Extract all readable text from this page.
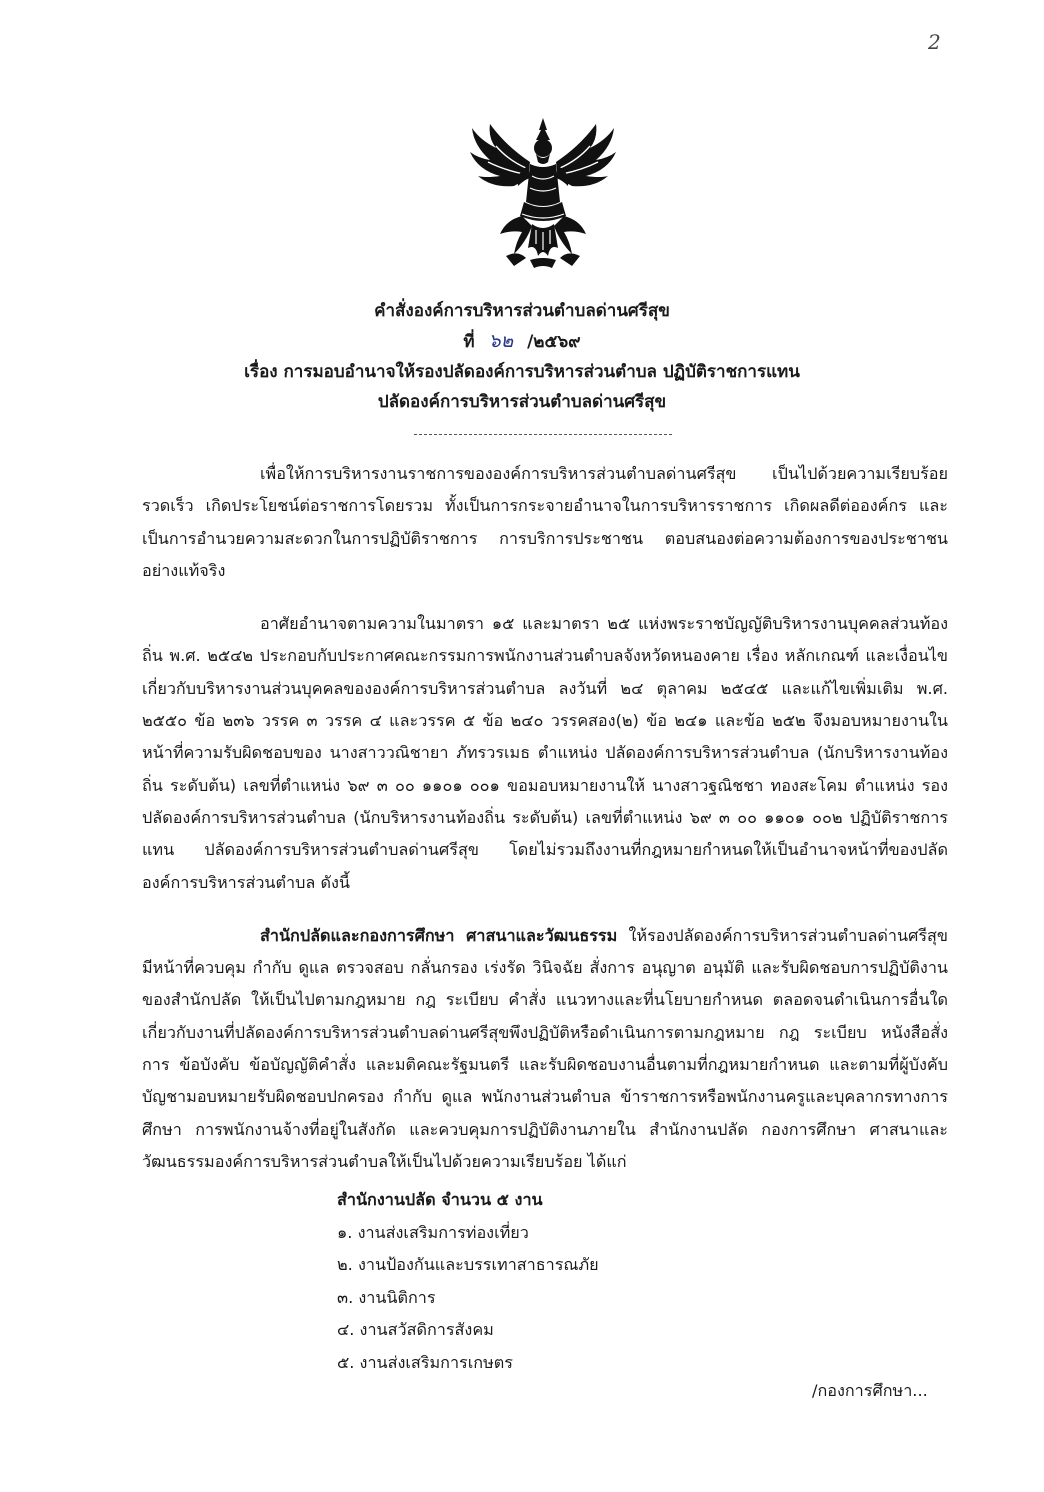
2
คำสั่งองค์การบริหารส่วนตำบลด่านศรีสุข
ที่ ๖๒ /๒๕๖๙
เรื่อง การมอบอำนาจให้รองปลัดองค์การบริหารส่วนตำบล ปฏิบัติราชการแทน
ปลัดองค์การบริหารส่วนตำบลด่านศรีสุข

เพื่อให้การบริหารงานราชการขององค์การบริหารส่วนตำบลด่านศรีสุข เป็นไปด้วยความเรียบร้อย รวดเร็ว เกิดประโยชน์ต่อราชการโดยรวม ทั้งเป็นการกระจายอำนาจในการบริหารราชการ เกิดผลดีต่อองค์กร และเป็นการอำนวยความสะดวกในการปฏิบัติราชการ การบริการประชาชน ตอบสนองต่อความต้องการของประชาชนอย่างแท้จริง

อาศัยอำนาจตามความในมาตรา ๑๕ และมาตรา ๒๕ แห่งพระราชบัญญัติบริหารงานบุคคลส่วนท้องถิ่น พ.ศ. ๒๕๔๒ ประกอบกับประกาศคณะกรรมการพนักงานส่วนตำบลจังหวัดหนองคาย เรื่อง หลักเกณฑ์ และเงื่อนไขเกี่ยวกับบริหารงานส่วนบุคคลขององค์การบริหารส่วนตำบล ลงวันที่ ๒๔ ตุลาคม ๒๕๔๕ และแก้ไขเพิ่มเติม พ.ศ. ๒๕๕๐ ข้อ ๒๓๖ วรรค ๓ วรรค ๔ และวรรค ๕ ข้อ ๒๔๐ วรรคสอง(๒) ข้อ ๒๔๑ และข้อ ๒๕๒ จึงมอบหมายงานในหน้าที่ความรับผิดชอบของ นางสาววณิชายา ภัทรวรเมธ ตำแหน่ง ปลัดองค์การบริหารส่วนตำบล (นักบริหารงานท้องถิ่น ระดับต้น) เลขที่ตำแหน่ง ๖๙ ๓ ๐๐ ๑๑๐๑ ๐๐๑ ขอมอบหมายงานให้ นางสาวฐณิชชา ทองสะโคม ตำแหน่ง รองปลัดองค์การบริหารส่วนตำบล (นักบริหารงานท้องถิ่น ระดับต้น) เลขที่ตำแหน่ง ๖๙ ๓ ๐๐ ๑๑๐๑ ๐๐๒ ปฏิบัติราชการแทน ปลัดองค์การบริหารส่วนตำบลด่านศรีสุข โดยไม่รวมถึงงานที่กฎหมายกำหนดให้เป็นอำนาจหน้าที่ของปลัดองค์การบริหารส่วนตำบล ดังนี้

สำนักปลัดและกองการศึกษา ศาสนาและวัฒนธรรม ให้รองปลัดองค์การบริหารส่วนตำบลด่านศรีสุข มีหน้าที่ควบคุม กำกับ ดูแล ตรวจสอบ กลั่นกรอง เร่งรัด วินิจฉัย สั่งการ อนุญาต อนุมัติ และรับผิดชอบการปฏิบัติงานของสำนักปลัด ให้เป็นไปตามกฎหมาย กฎ ระเบียบ คำสั่ง แนวทางและที่นโยบายกำหนด ตลอดจนดำเนินการอื่นใด เกี่ยวกับงานที่ปลัดองค์การบริหารส่วนตำบลด่านศรีสุขพึงปฏิบัติหรือดำเนินการตามกฎหมาย กฎ ระเบียบ หนังสือสั่งการ ข้อบังคับ ข้อบัญญัติคำสั่ง และมติคณะรัฐมนตรี และรับผิดชอบงานอื่นตามที่กฎหมายกำหนด และตามที่ผู้บังคับบัญชามอบหมายรับผิดชอบปกครอง กำกับ ดูแล พนักงานส่วนตำบล ข้าราชการหรือพนักงานครูและบุคลากรทางการศึกษา การพนักงานจ้างที่อยู่ในสังกัด และควบคุมการปฏิบัติงานภายใน สำนักงานปลัด กองการศึกษา ศาสนาและวัฒนธรรมองค์การบริหารส่วนตำบลให้เป็นไปด้วยความเรียบร้อย ได้แก่

สำนักงานปลัด จำนวน ๕ งาน
๑. งานส่งเสริมการท่องเที่ยว
๒. งานป้องกันและบรรเทาสาธารณภัย
๓. งานนิติการ
๔. งานสวัสดิการสังคม
๕. งานส่งเสริมการเกษตร
/กองการศึกษา...
